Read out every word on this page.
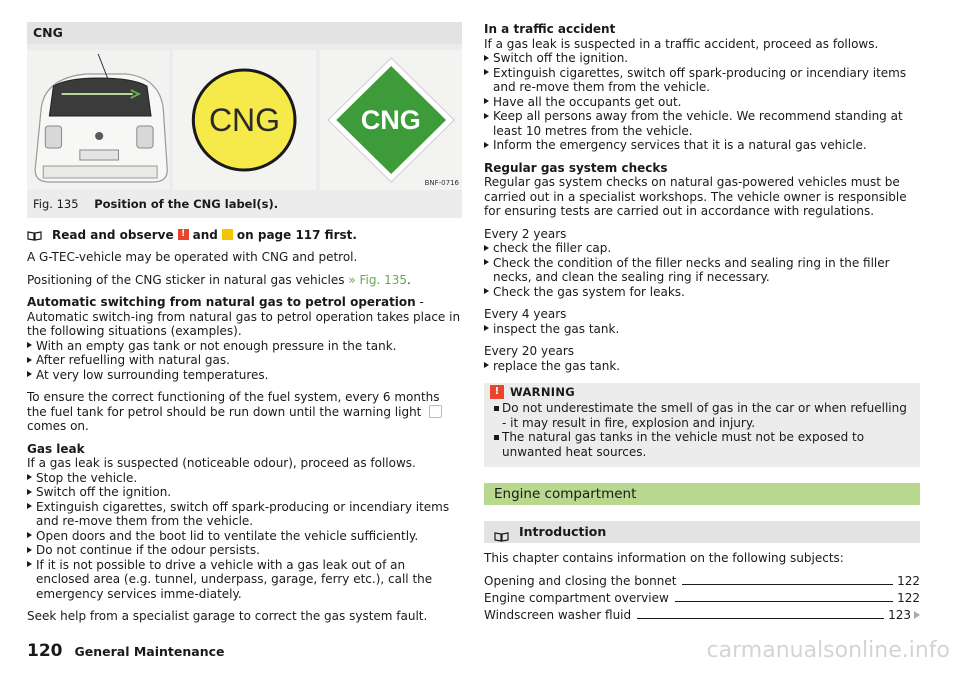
CNG
CNG	CNG
BNF-0716
Fig. 135 Position of the CNG label(s).
Read and observe ! and on page 117 first.

A G-TEC-vehicle may be operated with CNG and petrol.

Positioning of the CNG sticker in natural gas vehicles » Fig. 135.

Automatic switching from natural gas to petrol operation - Automatic switch-ing from natural gas to petrol operation takes place in the following situations (examples).

With an empty gas tank or not enough pressure in the tank.
After refuelling with natural gas.
At very low surrounding temperatures.

To ensure the correct functioning of the fuel system, every 6 months the fuel tank for petrol should be run down until the warning light  comes on.

Gas leak

If a gas leak is suspected (noticeable odour), proceed as follows.

Stop the vehicle.
Switch off the ignition.
Extinguish cigarettes, switch off spark-producing or incendiary items and re-move them from the vehicle.
Open doors and the boot lid to ventilate the vehicle sufficiently.
Do not continue if the odour persists.
If it is not possible to drive a vehicle with a gas leak out of an enclosed area (e.g. tunnel, underpass, garage, ferry etc.), call the emergency services imme-diately.

Seek help from a specialist garage to correct the gas system fault.

In a traffic accident

If a gas leak is suspected in a traffic accident, proceed as follows.

Switch off the ignition.
Extinguish cigarettes, switch off spark-producing or incendiary items and re-move them from the vehicle.
Have all the occupants get out.
Keep all persons away from the vehicle. We recommend standing at least 10 metres from the vehicle.
Inform the emergency services that it is a natural gas vehicle.

Regular gas system checks

Regular gas system checks on natural gas-powered vehicles must be carried out in a specialist workshops. The vehicle owner is responsible for ensuring tests are carried out in accordance with regulations.

Every 2 years

check the filler cap.
Check the condition of the filler necks and sealing ring in the filler necks, and clean the sealing ring if necessary.
Check the gas system for leaks.

Every 4 years

inspect the gas tank.

Every 20 years

replace the gas tank.
! WARNING
Do not underestimate the smell of gas in the car or when refuelling - it may result in fire, explosion and injury.
The natural gas tanks in the vehicle must not be exposed to unwanted heat sources.
Engine compartment
Introduction

This chapter contains information on the following subjects:

Opening and closing the bonnet	122
Engine compartment overview	122
Windscreen washer fluid	123
120 General Maintenance	carmanualsonline.info
